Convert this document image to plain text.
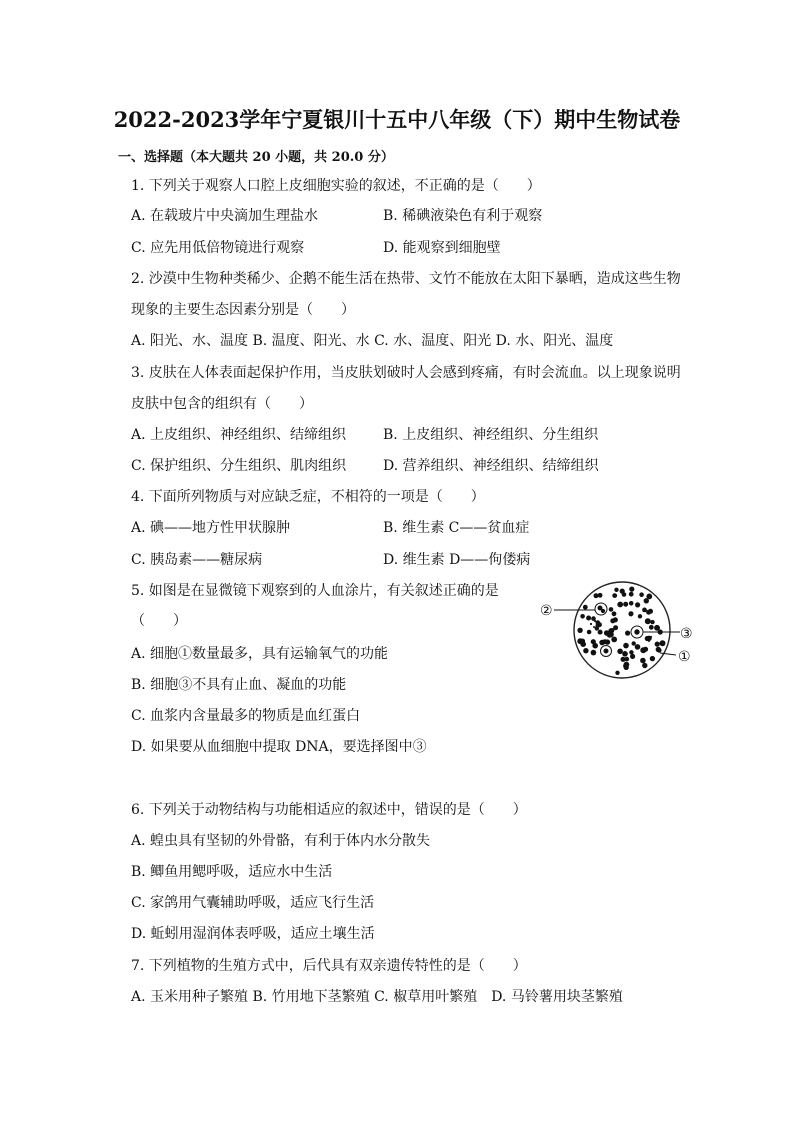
2022-2023学年宁夏银川十五中八年级（下）期中生物试卷
一、选择题（本大题共 20 小题，共 20.0 分）
1. 下列关于观察人口腔上皮细胞实验的叙述，不正确的是（　　）
A. 在载玻片中央滴加生理盐水	B. 稀碘液染色有利于观察
C. 应先用低倍物镜进行观察	D. 能观察到细胞壁
2. 沙漠中生物种类稀少、企鹅不能生活在热带、文竹不能放在太阳下暴晒，造成这些生物
现象的主要生态因素分别是（　　）
A. 阳光、水、温度 B. 温度、阳光、水 C. 水、温度、阳光 D. 水、阳光、温度
3. 皮肤在人体表面起保护作用，当皮肤划破时人会感到疼痛，有时会流血。以上现象说明
皮肤中包含的组织有（　　）
A. 上皮组织、神经组织、结缔组织	B. 上皮组织、神经组织、分生组织
C. 保护组织、分生组织、肌肉组织	D. 营养组织、神经组织、结缔组织
4. 下面所列物质与对应缺乏症，不相符的一项是（　　）
A. 碘——地方性甲状腺肿	B. 维生素 C——贫血症
C. 胰岛素——糖尿病	D. 维生素 D——佝偻病
5. 如图是在显微镜下观察到的人血涂片，有关叙述正确的是
（　　）
A. 细胞①数量最多，具有运输氧气的功能
B. 细胞③不具有止血、凝血的功能
C. 血浆内含量最多的物质是血红蛋白
D. 如果要从血细胞中提取 DNA，要选择图中③
②
③
①
6. 下列关于动物结构与功能相适应的叙述中，错误的是（　　）
A. 蝗虫具有坚韧的外骨骼，有利于体内水分散失
B. 鲫鱼用鳃呼吸，适应水中生活
C. 家鸽用气囊辅助呼吸，适应飞行生活
D. 蚯蚓用湿润体表呼吸，适应土壤生活
7. 下列植物的生殖方式中，后代具有双亲遗传特性的是（　　）
A. 玉米用种子繁殖 B. 竹用地下茎繁殖 C. 椒草用叶繁殖　D. 马铃薯用块茎繁殖
